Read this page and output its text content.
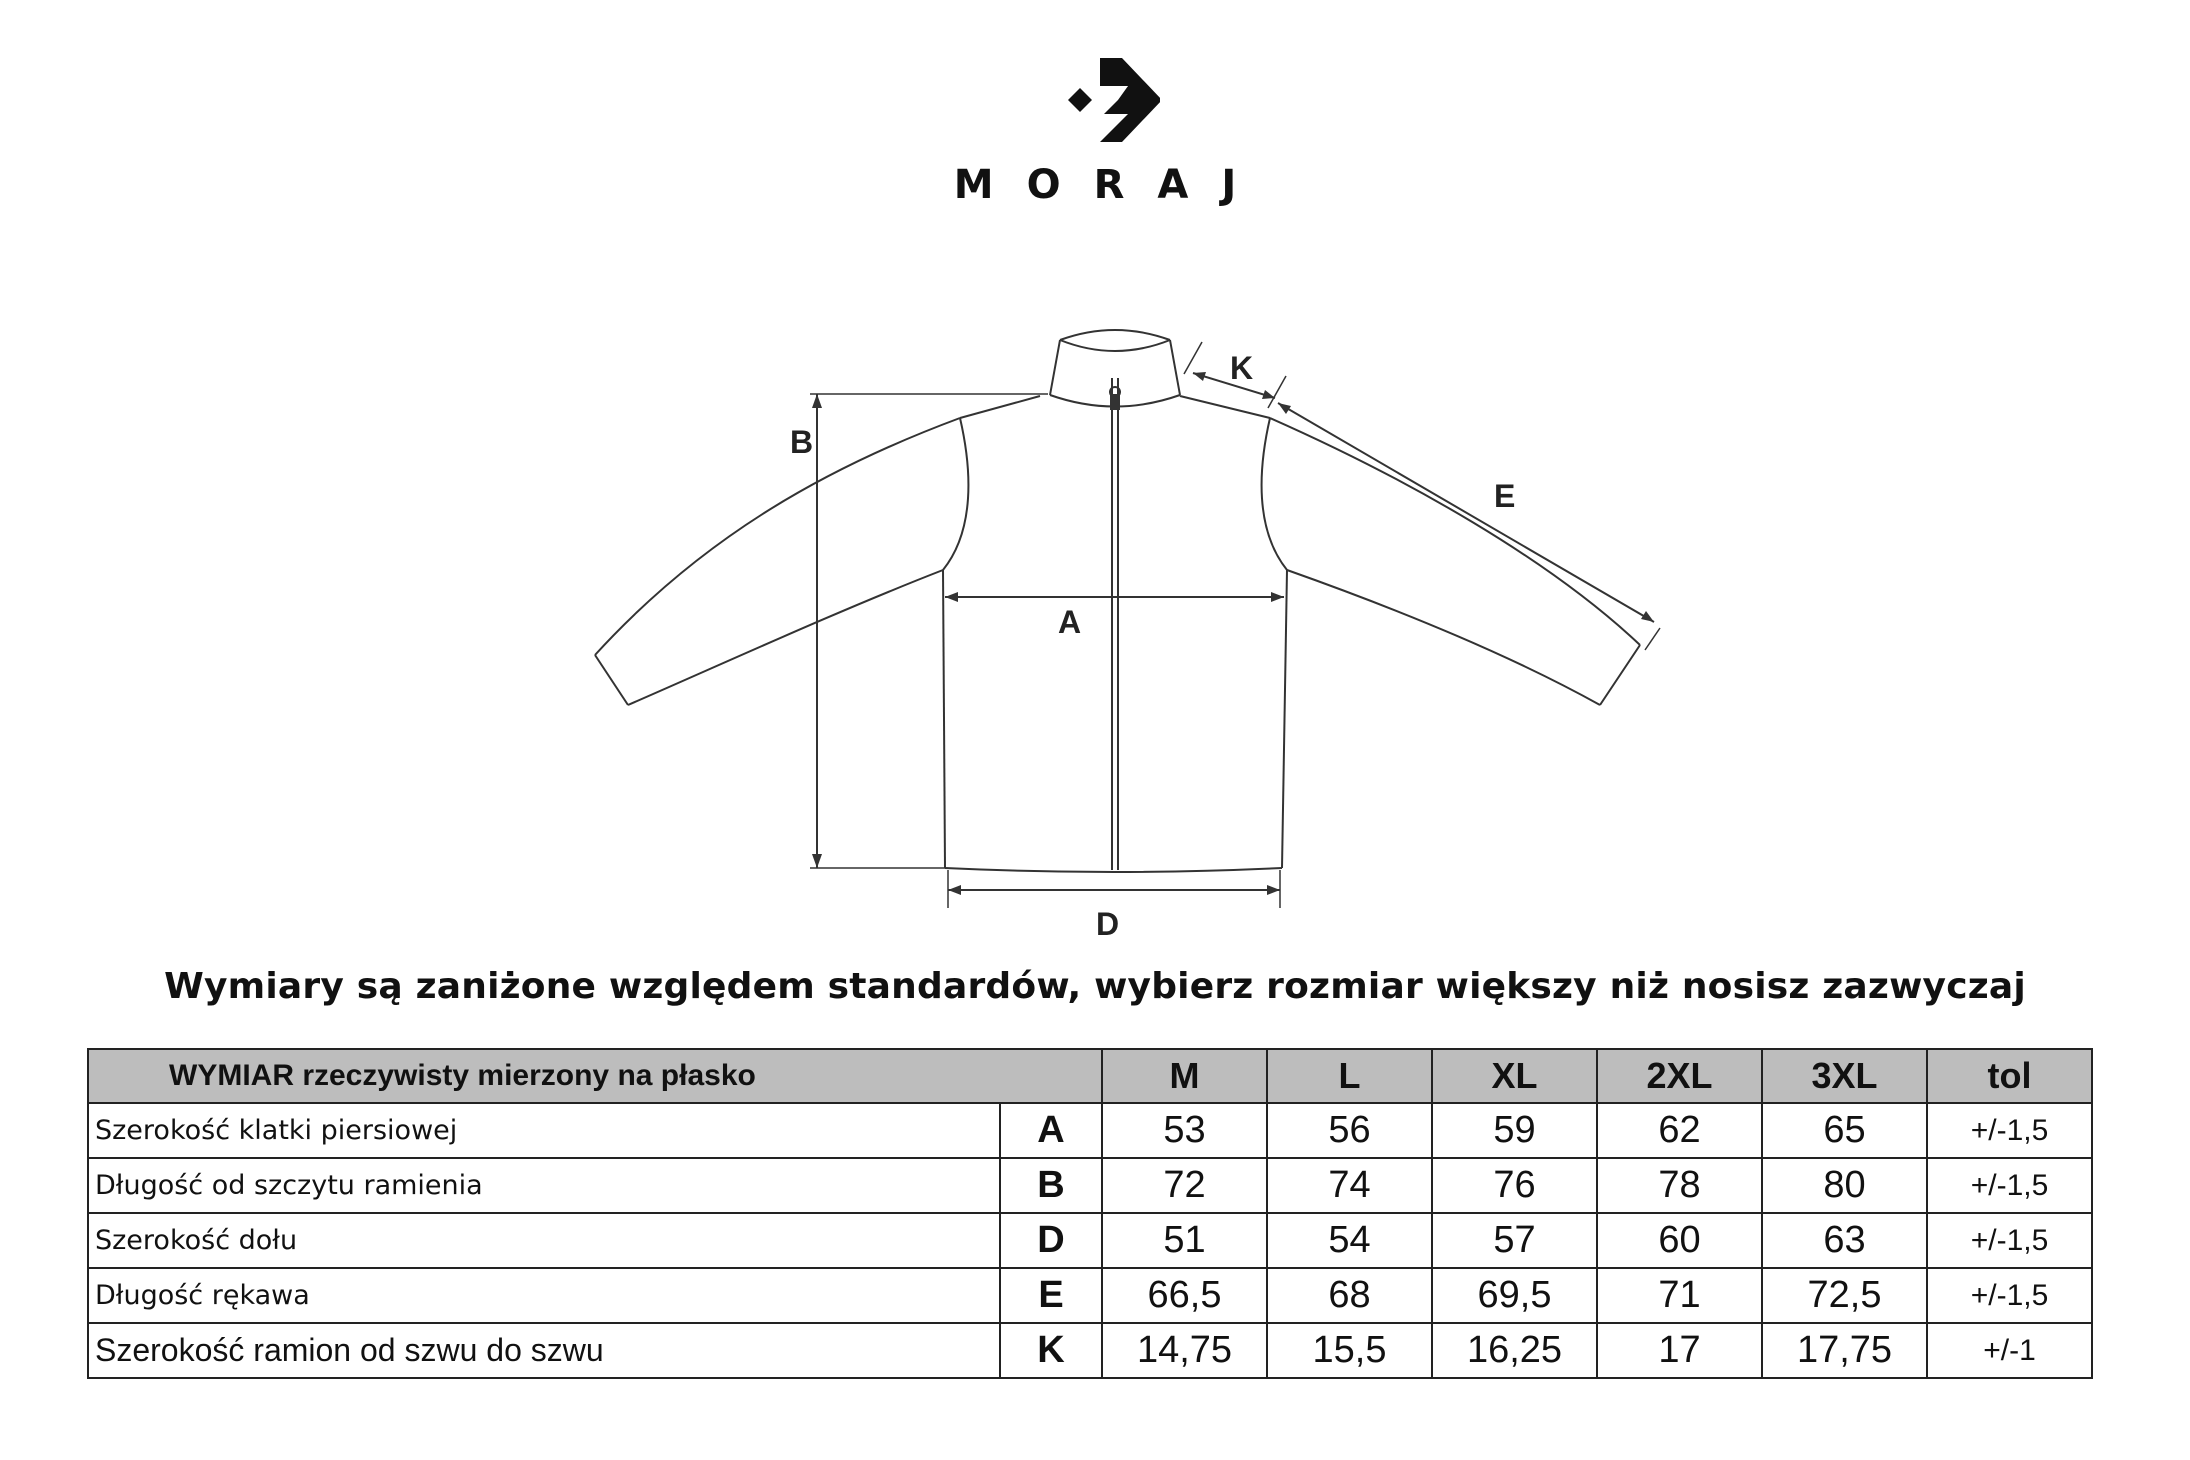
MORAJ
A
B
D
E
K
Wymiary są zaniżone względem standardów, wybierz rozmiar większy niż nosisz zazwyczaj
WYMIAR rzeczywisty mierzony na płasko		M	L	XL	2XL	3XL	tol
Szerokość klatki piersiowej	A	53	56	59	62	65	+/-1,5
Długość od szczytu ramienia	B	72	74	76	78	80	+/-1,5
Szerokość dołu	D	51	54	57	60	63	+/-1,5
Długość rękawa	E	66,5	68	69,5	71	72,5	+/-1,5
Szerokość ramion od szwu do szwu	K	14,75	15,5	16,25	17	17,75	+/-1
